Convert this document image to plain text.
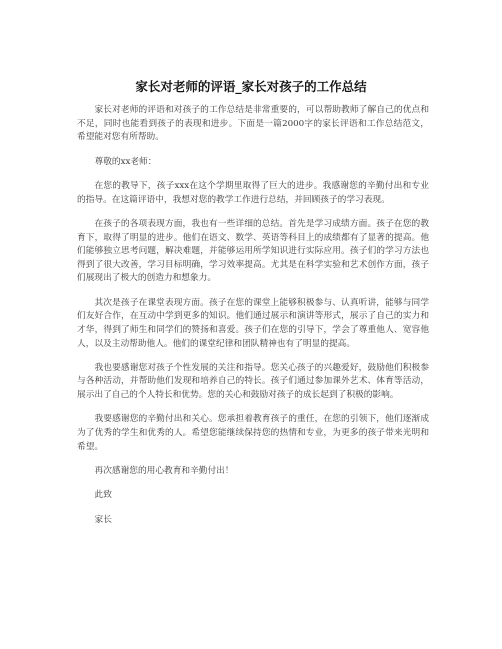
家长对老师的评语_家长对孩子的工作总结

家长对老师的评语和对孩子的工作总结是非常重要的，可以帮助教师了解自己的优点和不足，同时也能看到孩子的表现和进步。下面是一篇2000字的家长评语和工作总结范文，希望能对您有所帮助。

尊敬的xx老师：

在您的教导下，孩子xxx在这个学期里取得了巨大的进步。我感谢您的辛勤付出和专业的指导。在这篇评语中，我想对您的教学工作进行总结，并回顾孩子的学习表现。

在孩子的各项表现方面，我也有一些详细的总结。首先是学习成绩方面。孩子在您的教育下，取得了明显的进步。他们在语文、数学、英语等科目上的成绩都有了显著的提高。他们能够独立思考问题，解决难题，并能够运用所学知识进行实际应用。孩子们的学习方法也得到了很大改善，学习目标明确，学习效率提高。尤其是在科学实验和艺术创作方面，孩子们展现出了极大的创造力和想象力。

其次是孩子在课堂表现方面。孩子在您的课堂上能够积极参与、认真听讲，能够与同学们友好合作，在互动中学到更多的知识。他们通过展示和演讲等形式，展示了自己的实力和才华，得到了师生和同学们的赞扬和喜爱。孩子们在您的引导下，学会了尊重他人、宽容他人，以及主动帮助他人。他们的课堂纪律和团队精神也有了明显的提高。

我也要感谢您对孩子个性发展的关注和指导。您关心孩子的兴趣爱好，鼓励他们积极参与各种活动，并帮助他们发现和培养自己的特长。孩子们通过参加课外艺术、体育等活动，展示出了自己的个人特长和优势。您的关心和鼓励对孩子的成长起到了积极的影响。

我要感谢您的辛勤付出和关心。您承担着教育孩子的重任，在您的引领下，他们逐渐成为了优秀的学生和优秀的人。希望您能继续保持您的热情和专业，为更多的孩子带来光明和希望。

再次感谢您的用心教育和辛勤付出！

此致

家长
